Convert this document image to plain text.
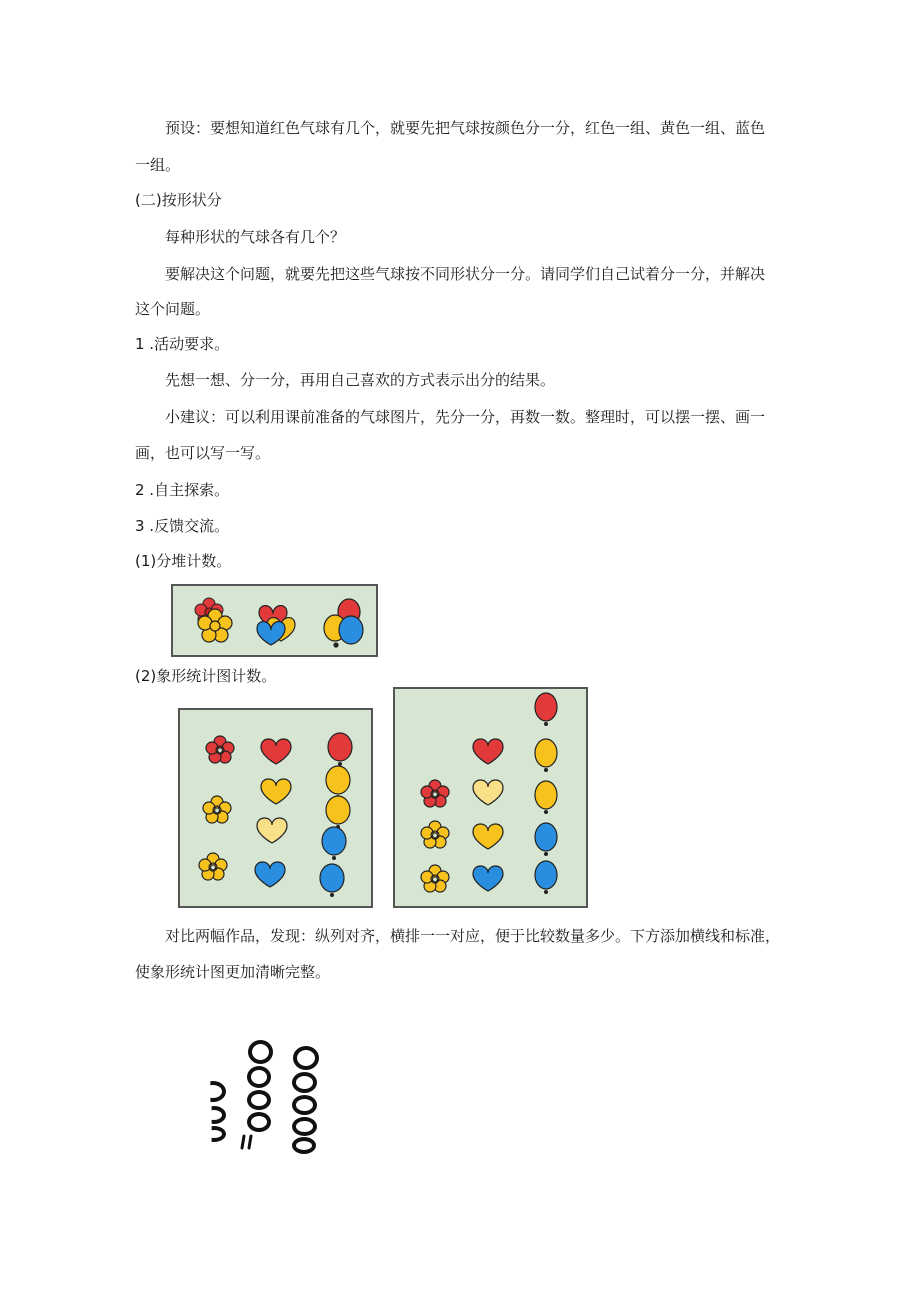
预设：要想知道红色气球有几个，就要先把气球按颜色分一分，红色一组、黄色一组、蓝色
一组。
(二)按形状分
每种形状的气球各有几个？
要解决这个问题，就要先把这些气球按不同形状分一分。请同学们自己试着分一分，并解决
这个问题。
1 .活动要求。
先想一想、分一分，再用自己喜欢的方式表示出分的结果。
小建议：可以利用课前准备的气球图片，先分一分，再数一数。整理时，可以摆一摆、画一
画，也可以写一写。
2 .自主探索。
3 .反馈交流。
(1)分堆计数。
(2)象形统计图计数。
对比两幅作品，发现：纵列对齐，横排一一对应，便于比较数量多少。下方添加横线和标准，
使象形统计图更加清晰完整。
